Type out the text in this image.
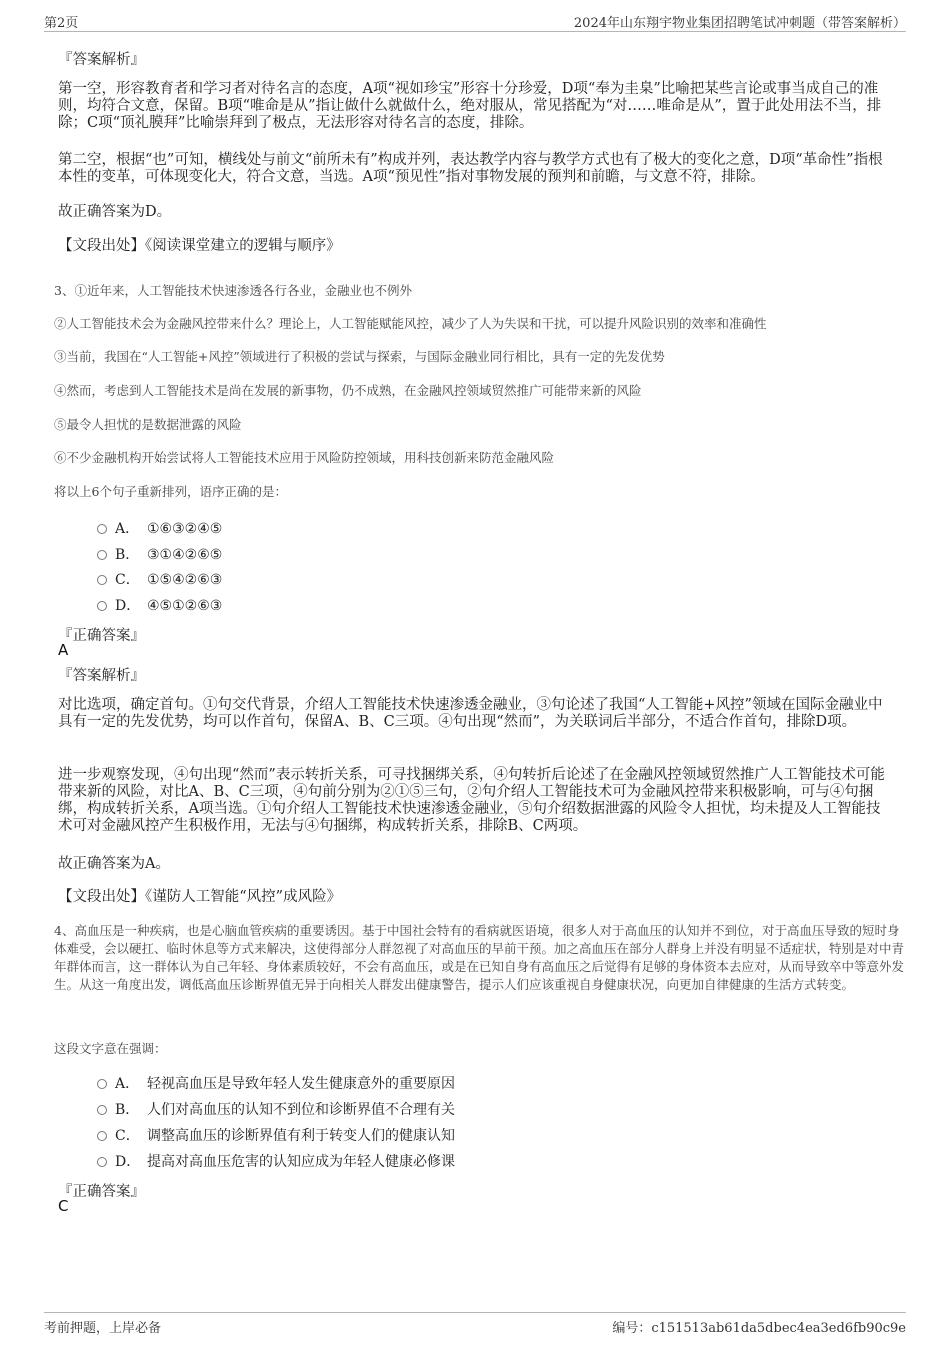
第2页	2024年山东翔宇物业集团招聘笔试冲刺题（带答案解析）
『答案解析』
第一空，形容教育者和学习者对待名言的态度，A项“视如珍宝”形容十分珍爱，D项“奉为圭臬”比喻把某些言论或事当成自己的准则，均符合文意，保留。B项“唯命是从”指让做什么就做什么，绝对服从，常见搭配为“对……唯命是从”，置于此处用法不当，排除；C项“顶礼膜拜”比喻崇拜到了极点，无法形容对待名言的态度，排除。
第二空，根据“也”可知，横线处与前文“前所未有”构成并列，表达教学内容与教学方式也有了极大的变化之意，D项“革命性”指根本性的变革，可体现变化大，符合文意，当选。A项“预见性”指对事物发展的预判和前瞻，与文意不符，排除。
故正确答案为D。
【文段出处】《阅读课堂建立的逻辑与顺序》
3、①近年来，人工智能技术快速渗透各行各业，金融业也不例外
②人工智能技术会为金融风控带来什么？理论上，人工智能赋能风控，减少了人为失误和干扰，可以提升风险识别的效率和准确性
③当前，我国在“人工智能+风控”领域进行了积极的尝试与探索，与国际金融业同行相比，具有一定的先发优势
④然而，考虑到人工智能技术是尚在发展的新事物，仍不成熟，在金融风控领域贸然推广可能带来新的风险
⑤最令人担忧的是数据泄露的风险
⑥不少金融机构开始尝试将人工智能技术应用于风险防控领域，用科技创新来防范金融风险
将以上6个句子重新排列，语序正确的是：
A． ①⑥③②④⑤
B． ③①④②⑥⑤
C． ①⑤④②⑥③
D． ④⑤①②⑥③
『正确答案』
A
『答案解析』
对比选项，确定首句。①句交代背景，介绍人工智能技术快速渗透金融业，③句论述了我国“人工智能+风控”领域在国际金融业中具有一定的先发优势，均可以作首句，保留A、B、C三项。④句出现“然而”，为关联词后半部分，不适合作首句，排除D项。
进一步观察发现，④句出现“然而”表示转折关系，可寻找捆绑关系，④句转折后论述了在金融风控领域贸然推广人工智能技术可能带来新的风险，对比A、B、C三项，④句前分别为②①⑤三句，②句介绍人工智能技术可为金融风控带来积极影响，可与④句捆绑，构成转折关系，A项当选。①句介绍人工智能技术快速渗透金融业，⑤句介绍数据泄露的风险令人担忧，均未提及人工智能技术可对金融风控产生积极作用，无法与④句捆绑，构成转折关系，排除B、C两项。
故正确答案为A。
【文段出处】《谨防人工智能“风控”成风险》
4、高血压是一种疾病，也是心脑血管疾病的重要诱因。基于中国社会特有的看病就医语境，很多人对于高血压的认知并不到位，对于高血压导致的短时身体难受，会以硬扛、临时休息等方式来解决，这使得部分人群忽视了对高血压的早前干预。加之高血压在部分人群身上并没有明显不适症状，特别是对中青年群体而言，这一群体认为自己年轻、身体素质较好，不会有高血压，或是在已知自身有高血压之后觉得有足够的身体资本去应对，从而导致卒中等意外发生。从这一角度出发，调低高血压诊断界值无异于向相关人群发出健康警告，提示人们应该重视自身健康状况，向更加自律健康的生活方式转变。
这段文字意在强调：
A． 轻视高血压是导致年轻人发生健康意外的重要原因
B． 人们对高血压的认知不到位和诊断界值不合理有关
C． 调整高血压的诊断界值有利于转变人们的健康认知
D． 提高对高血压危害的认知应成为年轻人健康必修课
『正确答案』
C
考前押题，上岸必备	编号：c151513ab61da5dbec4ea3ed6fb90c9e
